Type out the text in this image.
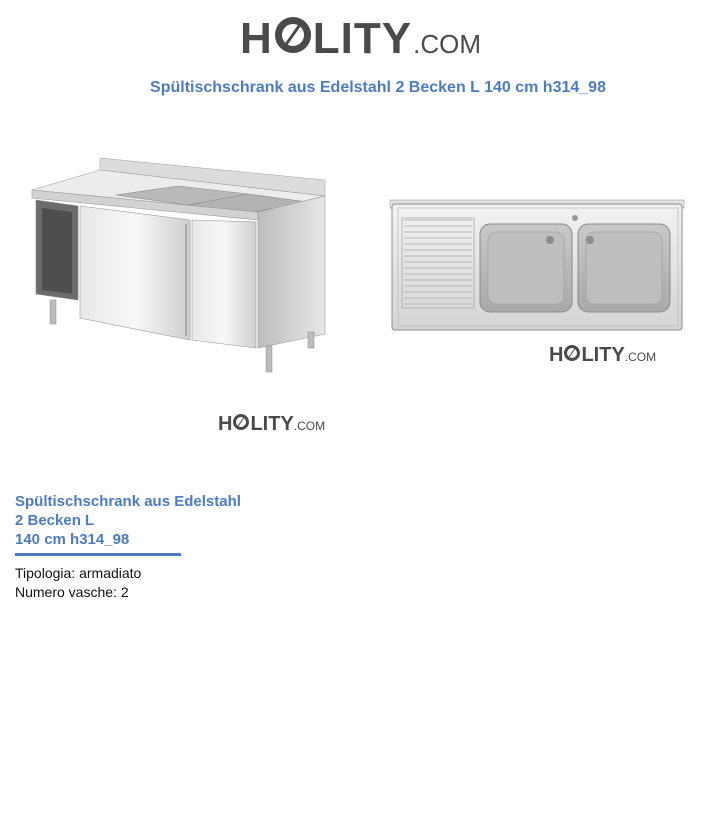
H LITY .COM
Spültischschrank aus Edelstahl 2 Becken L 140 cm h314_98
H LITY .COM
H LITY .COM
Spültischschrank aus Edelstahl
2 Becken L
140 cm h314_98
Tipologia: armadiato
Numero vasche: 2
